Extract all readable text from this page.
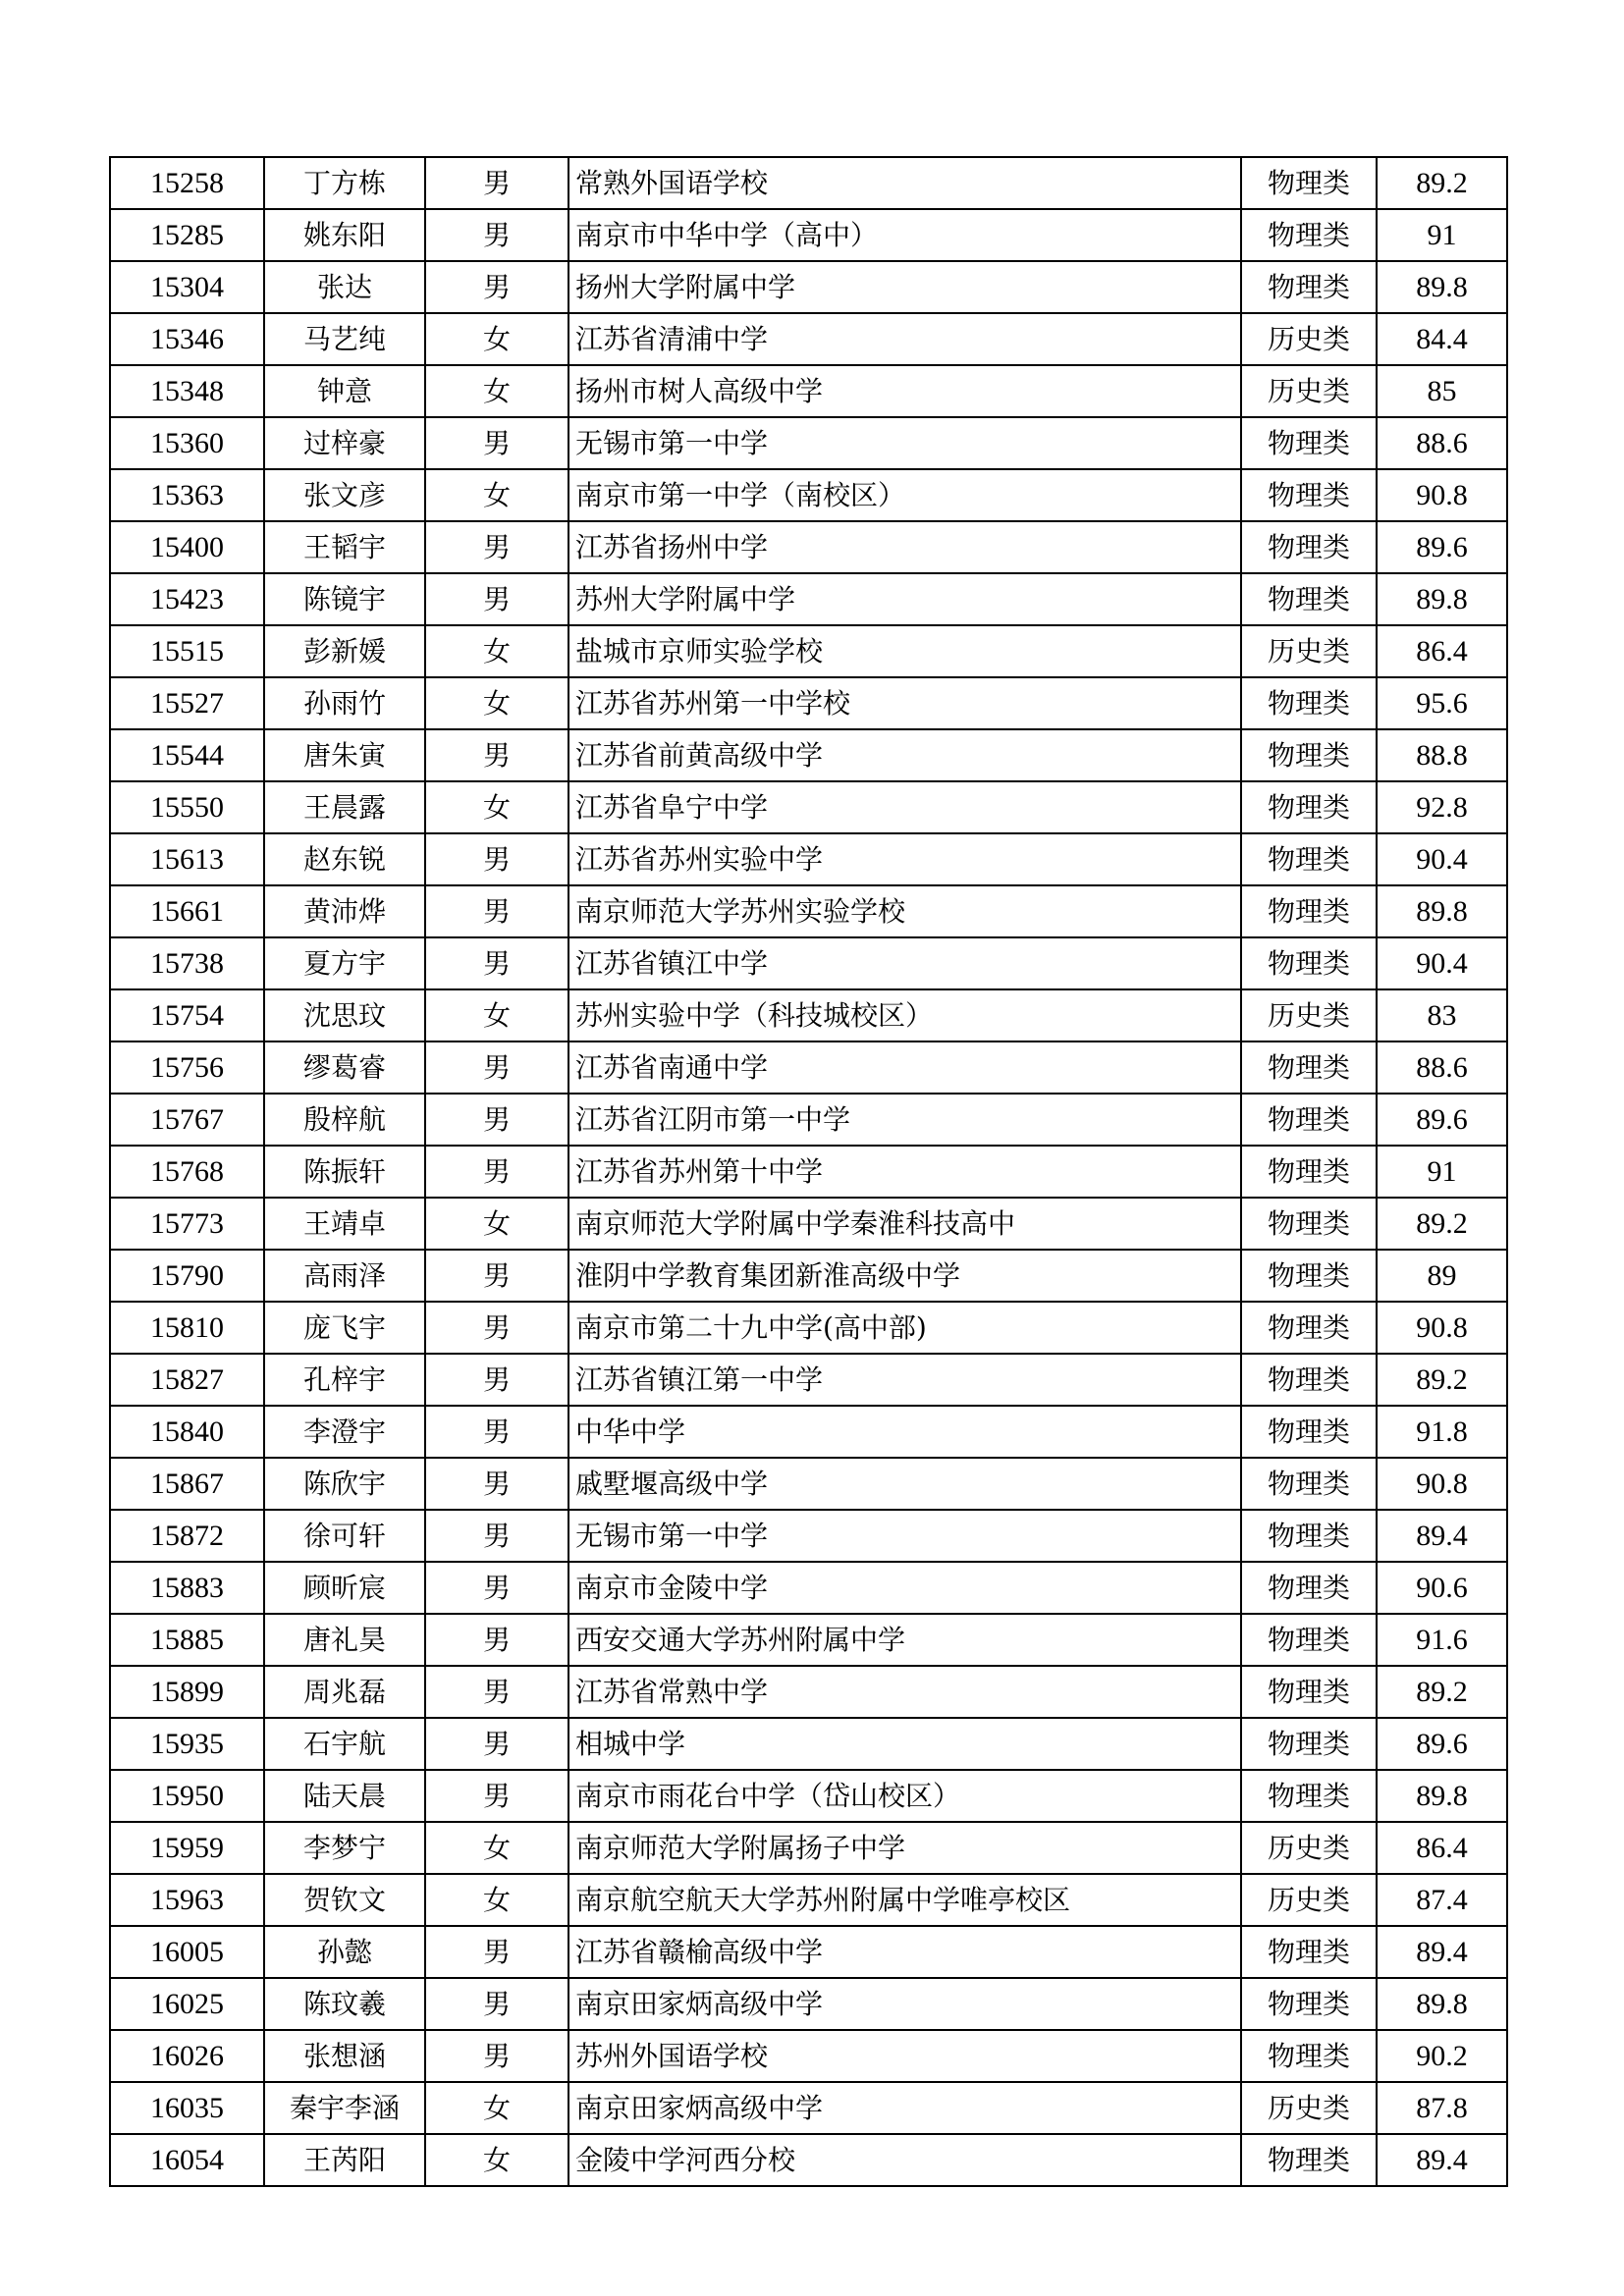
15258	丁方栋	男	常熟外国语学校	物理类	89.2
15285	姚东阳	男	南京市中华中学（高中）	物理类	91
15304	张达	男	扬州大学附属中学	物理类	89.8
15346	马艺纯	女	江苏省清浦中学	历史类	84.4
15348	钟意	女	扬州市树人高级中学	历史类	85
15360	过梓豪	男	无锡市第一中学	物理类	88.6
15363	张文彦	女	南京市第一中学（南校区）	物理类	90.8
15400	王韬宇	男	江苏省扬州中学	物理类	89.6
15423	陈镜宇	男	苏州大学附属中学	物理类	89.8
15515	彭新媛	女	盐城市京师实验学校	历史类	86.4
15527	孙雨竹	女	江苏省苏州第一中学校	物理类	95.6
15544	唐朱寅	男	江苏省前黄高级中学	物理类	88.8
15550	王晨露	女	江苏省阜宁中学	物理类	92.8
15613	赵东锐	男	江苏省苏州实验中学	物理类	90.4
15661	黄沛烨	男	南京师范大学苏州实验学校	物理类	89.8
15738	夏方宇	男	江苏省镇江中学	物理类	90.4
15754	沈思玟	女	苏州实验中学（科技城校区）	历史类	83
15756	缪葛睿	男	江苏省南通中学	物理类	88.6
15767	殷梓航	男	江苏省江阴市第一中学	物理类	89.6
15768	陈振轩	男	江苏省苏州第十中学	物理类	91
15773	王靖卓	女	南京师范大学附属中学秦淮科技高中	物理类	89.2
15790	高雨泽	男	淮阴中学教育集团新淮高级中学	物理类	89
15810	庞飞宇	男	南京市第二十九中学(高中部)	物理类	90.8
15827	孔梓宇	男	江苏省镇江第一中学	物理类	89.2
15840	李澄宇	男	中华中学	物理类	91.8
15867	陈欣宇	男	戚墅堰高级中学	物理类	90.8
15872	徐可轩	男	无锡市第一中学	物理类	89.4
15883	顾昕宸	男	南京市金陵中学	物理类	90.6
15885	唐礼昊	男	西安交通大学苏州附属中学	物理类	91.6
15899	周兆磊	男	江苏省常熟中学	物理类	89.2
15935	石宇航	男	相城中学	物理类	89.6
15950	陆天晨	男	南京市雨花台中学（岱山校区）	物理类	89.8
15959	李梦宁	女	南京师范大学附属扬子中学	历史类	86.4
15963	贺钦文	女	南京航空航天大学苏州附属中学唯亭校区	历史类	87.4
16005	孙懿	男	江苏省赣榆高级中学	物理类	89.4
16025	陈玟羲	男	南京田家炳高级中学	物理类	89.8
16026	张想涵	男	苏州外国语学校	物理类	90.2
16035	秦宇李涵	女	南京田家炳高级中学	历史类	87.8
16054	王芮阳	女	金陵中学河西分校	物理类	89.4
